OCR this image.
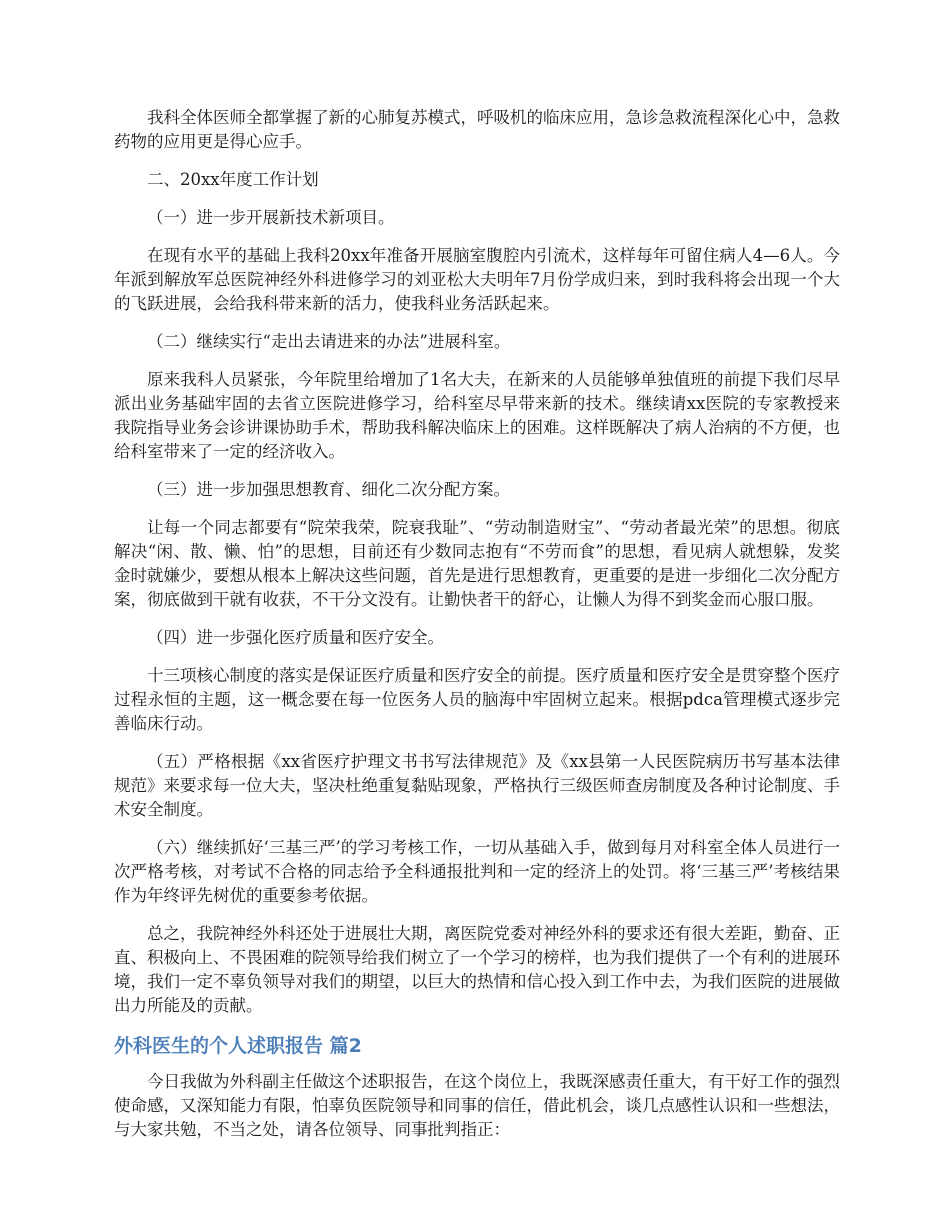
我科全体医师全都掌握了新的心肺复苏模式，呼吸机的临床应用，急诊急救流程深化心中，急救药物的应用更是得心应手。

二、20xx年度工作计划

（一）进一步开展新技术新项目。

在现有水平的基础上我科20xx年准备开展脑室腹腔内引流术，这样每年可留住病人4—6人。今年派到解放军总医院神经外科进修学习的刘亚松大夫明年7月份学成归来，到时我科将会出现一个大的飞跃进展，会给我科带来新的活力，使我科业务活跃起来。

（二）继续实行“走出去请进来的办法”进展科室。

原来我科人员紧张，今年院里给增加了1名大夫，在新来的人员能够单独值班的前提下我们尽早派出业务基础牢固的去省立医院进修学习，给科室尽早带来新的技术。继续请xx医院的专家教授来我院指导业务会诊讲课协助手术，帮助我科解决临床上的困难。这样既解决了病人治病的不方便，也给科室带来了一定的经济收入。

（三）进一步加强思想教育、细化二次分配方案。

让每一个同志都要有“院荣我荣，院衰我耻”、“劳动制造财宝”、“劳动者最光荣”的思想。彻底解决“闲、散、懒、怕”的思想，目前还有少数同志抱有“不劳而食”的思想，看见病人就想躲，发奖金时就嫌少，要想从根本上解决这些问题，首先是进行思想教育，更重要的是进一步细化二次分配方案，彻底做到干就有收获，不干分文没有。让勤快者干的舒心，让懒人为得不到奖金而心服口服。

（四）进一步强化医疗质量和医疗安全。

十三项核心制度的落实是保证医疗质量和医疗安全的前提。医疗质量和医疗安全是贯穿整个医疗过程永恒的主题，这一概念要在每一位医务人员的脑海中牢固树立起来。根据pdca管理模式逐步完善临床行动。

（五）严格根据《xx省医疗护理文书书写法律规范》及《xx县第一人民医院病历书写基本法律规范》来要求每一位大夫，坚决杜绝重复黏贴现象，严格执行三级医师查房制度及各种讨论制度、手术安全制度。

（六）继续抓好‘三基三严’的学习考核工作，一切从基础入手，做到每月对科室全体人员进行一次严格考核，对考试不合格的同志给予全科通报批判和一定的经济上的处罚。将‘三基三严’考核结果作为年终评先树优的重要参考依据。

总之，我院神经外科还处于进展壮大期，离医院党委对神经外科的要求还有很大差距，勤奋、正直、积极向上、不畏困难的院领导给我们树立了一个学习的榜样，也为我们提供了一个有利的进展环境，我们一定不辜负领导对我们的期望，以巨大的热情和信心投入到工作中去，为我们医院的进展做出力所能及的贡献。

外科医生的个人述职报告 篇2

今日我做为外科副主任做这个述职报告，在这个岗位上，我既深感责任重大，有干好工作的强烈使命感，又深知能力有限，怕辜负医院领导和同事的信任，借此机会，谈几点感性认识和一些想法，与大家共勉，不当之处，请各位领导、同事批判指正：
